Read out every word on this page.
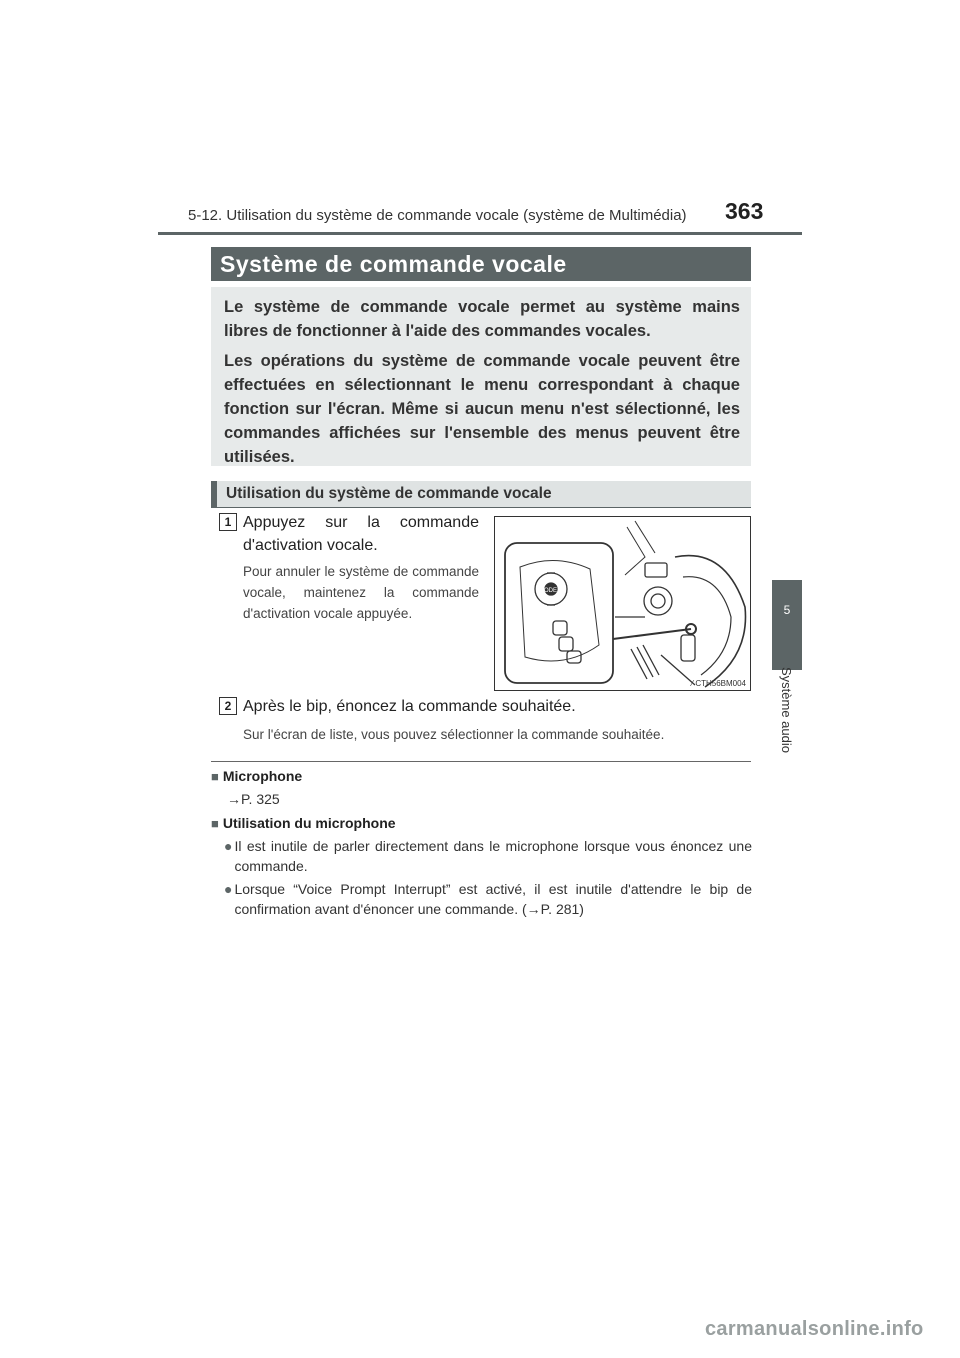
5-12. Utilisation du système de commande vocale (système de Multimédia) 363
5
Système audio
Système de commande vocale

Le système de commande vocale permet au système mains libres de fonctionner à l'aide des commandes vocales.

Les opérations du système de commande vocale peuvent être effectuées en sélectionnant le menu correspondant à chaque fonction sur l'écran. Même si aucun menu n'est sélectionné, les commandes affichées sur l'ensemble des menus peuvent être utilisées.

Utilisation du système de commande vocale
1 Appuyez sur la commande d'activation vocale.
Pour annuler le système de commande vocale, maintenez la commande d'activation vocale appuyée.
MODE
⁄ CTH56BM004
2 Après le bip, énoncez la commande souhaitée.
Sur l'écran de liste, vous pouvez sélectionner la commande souhaitée.
■ Microphone
→P. 325
■ Utilisation du microphone
● Il est inutile de parler directement dans le microphone lorsque vous énoncez une commande.
● Lorsque “Voice Prompt Interrupt” est activé, il est inutile d'attendre le bip de confirmation avant d'énoncer une commande. (→P. 281)
carmanualsonline.info
